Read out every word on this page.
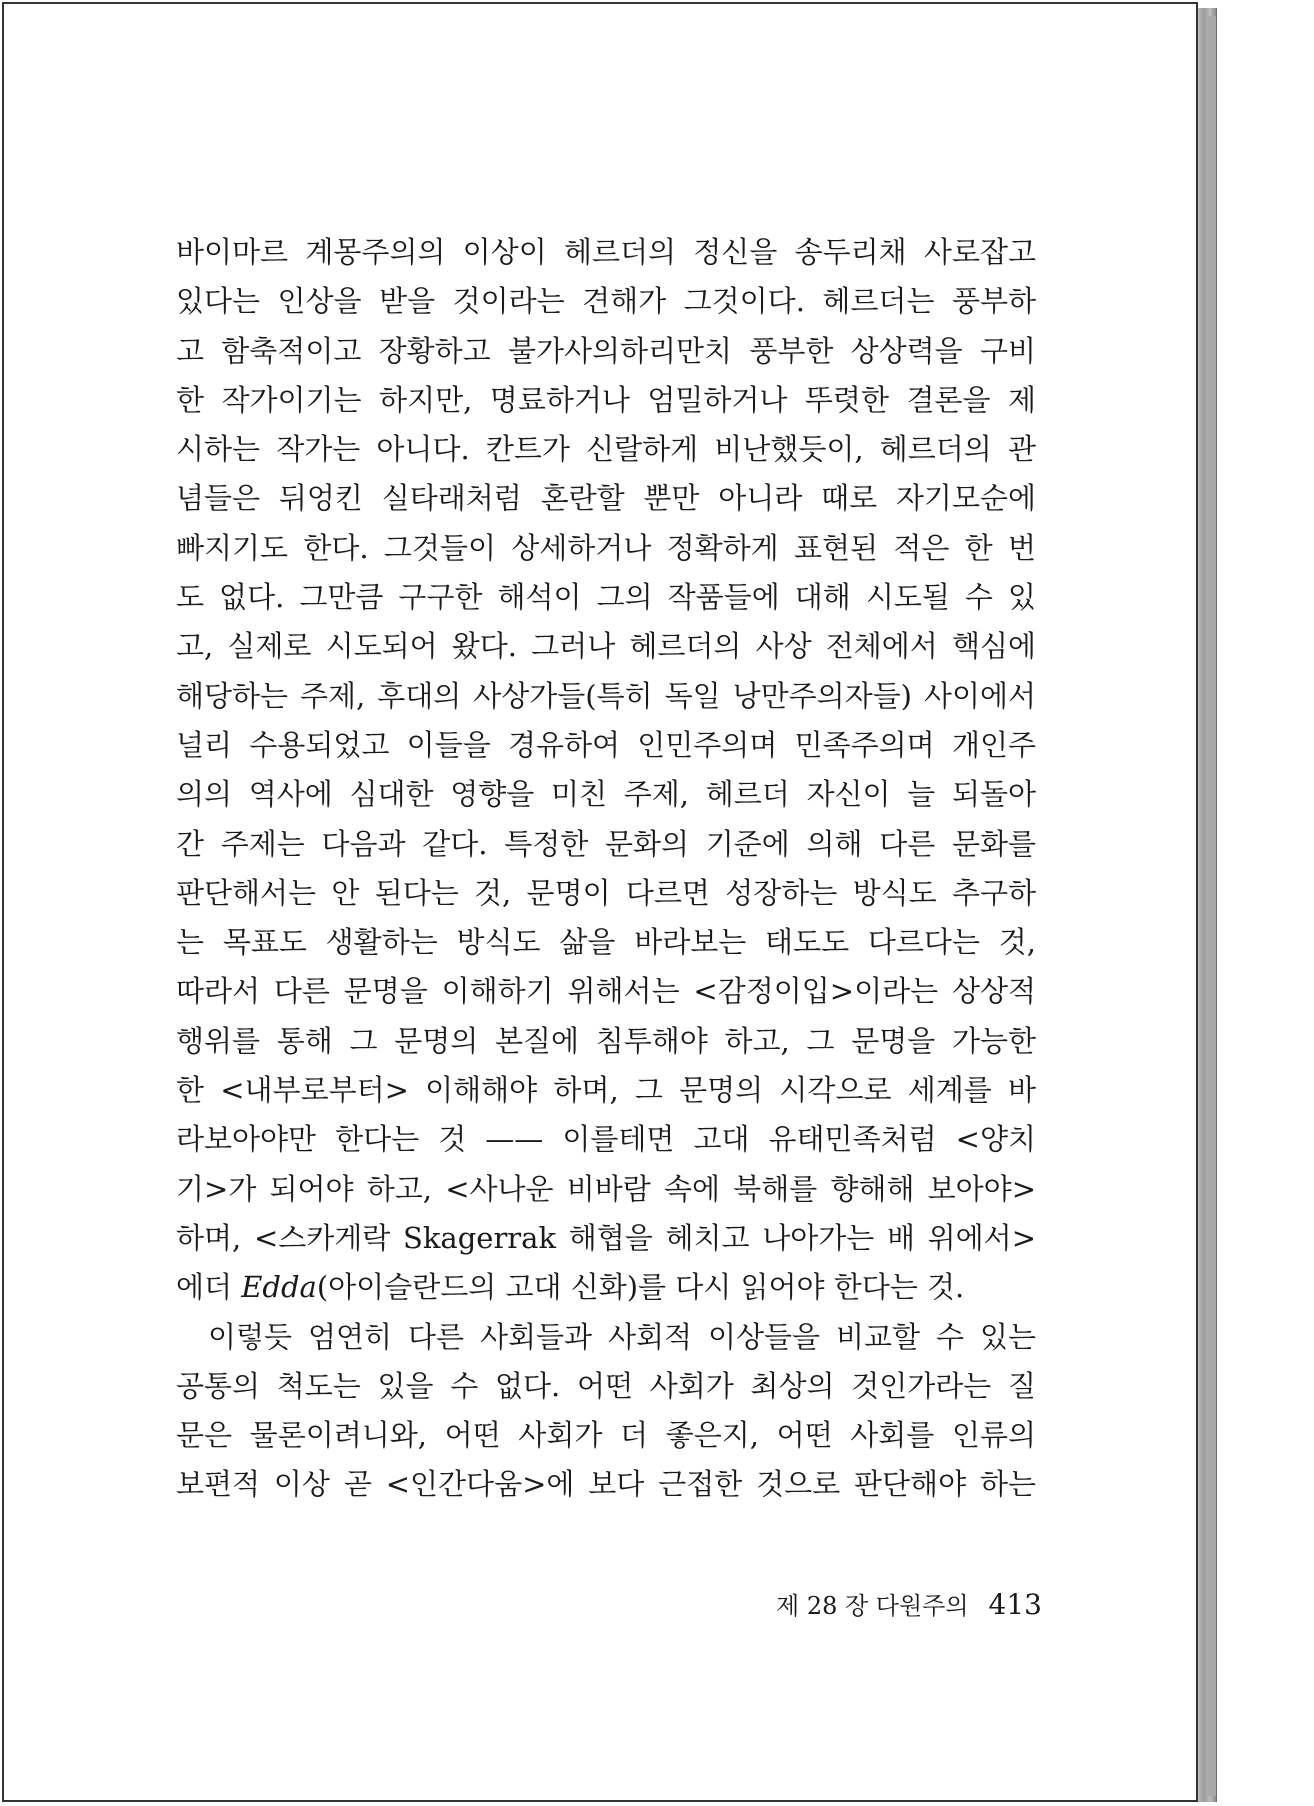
바이마르 계몽주의의 이상이 헤르더의 정신을 송두리채 사로잡고
있다는 인상을 받을 것이라는 견해가 그것이다. 헤르더는 풍부하
고 함축적이고 장황하고 불가사의하리만치 풍부한 상상력을 구비
한 작가이기는 하지만, 명료하거나 엄밀하거나 뚜렷한 결론을 제
시하는 작가는 아니다. 칸트가 신랄하게 비난했듯이, 헤르더의 관
념들은 뒤엉킨 실타래처럼 혼란할 뿐만 아니라 때로 자기모순에
빠지기도 한다. 그것들이 상세하거나 정확하게 표현된 적은 한 번
도 없다. 그만큼 구구한 해석이 그의 작품들에 대해 시도될 수 있
고, 실제로 시도되어 왔다. 그러나 헤르더의 사상 전체에서 핵심에
해당하는 주제, 후대의 사상가들(특히 독일 낭만주의자들) 사이에서
널리 수용되었고 이들을 경유하여 인민주의며 민족주의며 개인주
의의 역사에 심대한 영향을 미친 주제, 헤르더 자신이 늘 되돌아
간 주제는 다음과 같다. 특정한 문화의 기준에 의해 다른 문화를
판단해서는 안 된다는 것, 문명이 다르면 성장하는 방식도 추구하
는 목표도 생활하는 방식도 삶을 바라보는 태도도 다르다는 것,
따라서 다른 문명을 이해하기 위해서는 <감정이입>이라는 상상적
행위를 통해 그 문명의 본질에 침투해야 하고, 그 문명을 가능한
한 <내부로부터> 이해해야 하며, 그 문명의 시각으로 세계를 바
라보아야만 한다는 것 —— 이를테면 고대 유태민족처럼 <양치
기>가 되어야 하고, <사나운 비바람 속에 북해를 향해해 보아야>
하며, <스카게락 Skagerrak 해협을 헤치고 나아가는 배 위에서>
에더 Edda(아이슬란드의 고대 신화)를 다시 읽어야 한다는 것.
이렇듯 엄연히 다른 사회들과 사회적 이상들을 비교할 수 있는
공통의 척도는 있을 수 없다. 어떤 사회가 최상의 것인가라는 질
문은 물론이려니와, 어떤 사회가 더 좋은지, 어떤 사회를 인류의
보편적 이상 곧 <인간다움>에 보다 근접한 것으로 판단해야 하는
제 28 장 다원주의 413
